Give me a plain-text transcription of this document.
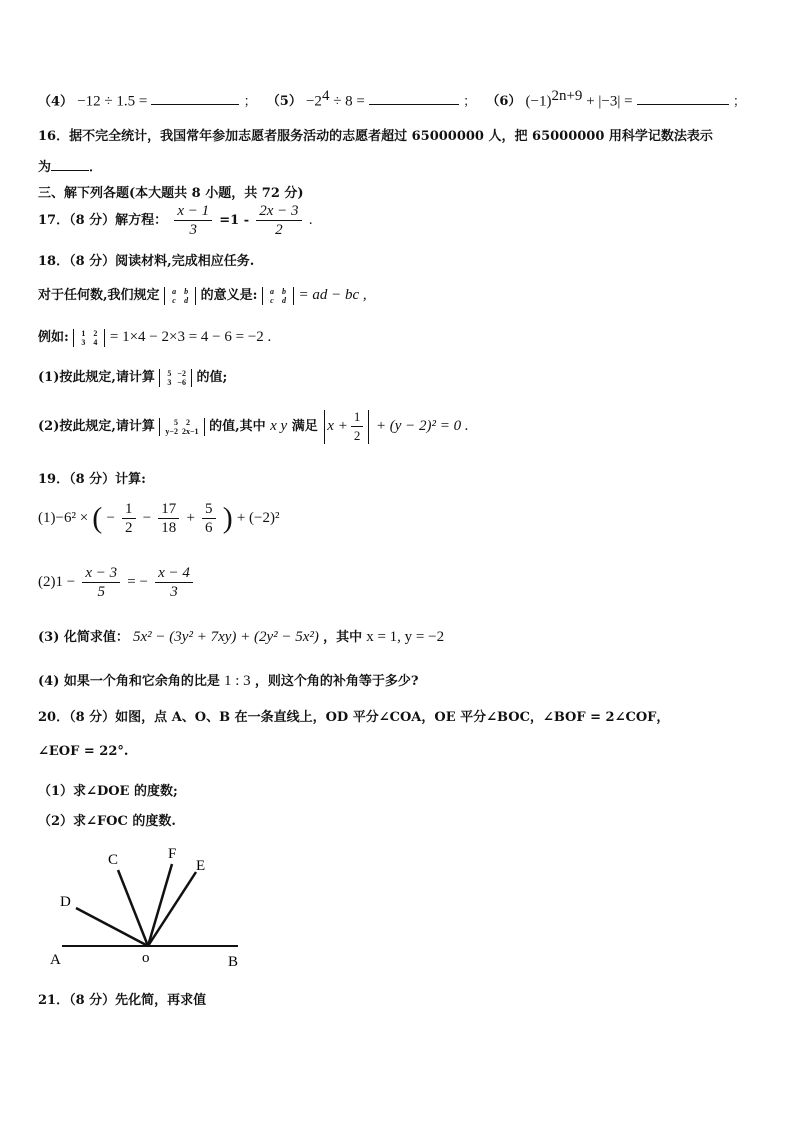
（4） −12 ÷ 1.5 =	； $(5) -2^4 \div 8$ =	； （6） $(-1)^{2n+9} + |-3|$ =	；
16．据不完全统计，我国常年参加志愿者服务活动的志愿者超过 65000000 人，把 65000000 用科学记数法表示
为	．
三、解下列各题(本大题共 8 小题，共 72 分)
17．（8 分）解方程： $\frac{x - 1}{3} =1 - \frac{2x - 3}{2}$ .
18．（8 分）阅读材料,完成相应任务.
对于任何数,我们规定 a b
c d 的意义是: a b
c d = ad − bc ,
例如: 1 2
3 4 = 1×4 − 2×3 = 4 − 6 = −2 .
(1)按此规定,请计算 5 −2
3 −6 的值;
(2)按此规定,请计算 5 2
y−2 2x−1 的值,其中 x y 满足 $x + \frac{1}{2} + (y - 2)^2 = 0$ .
19．（8 分）计算:
(1)−6² × ( − $\frac{1}{2} - \frac{17}{18} + \frac{5}{6}$ ) + (−2)²
$(2)1 - \frac{x - 3}{5}$ = − $\frac{x - 4}{3}$
(3) 化简求值： 5x² − (3y² + 7xy) + (2y² − 5x²) ，其中 x = 1, y = −2
(4) 如果一个角和它余角的比是 1 : 3 ，则这个角的补角等于多少?
20．（8 分）如图，点 A、O、B 在一条直线上，OD 平分∠COA，OE 平分∠BOC，∠BOF = 2∠COF，
∠EOF = 22°.
（1）求∠DOE 的度数;
（2）求∠FOC 的度数.
C	F
E
D
A	o	B
21．（8 分）先化简，再求值
